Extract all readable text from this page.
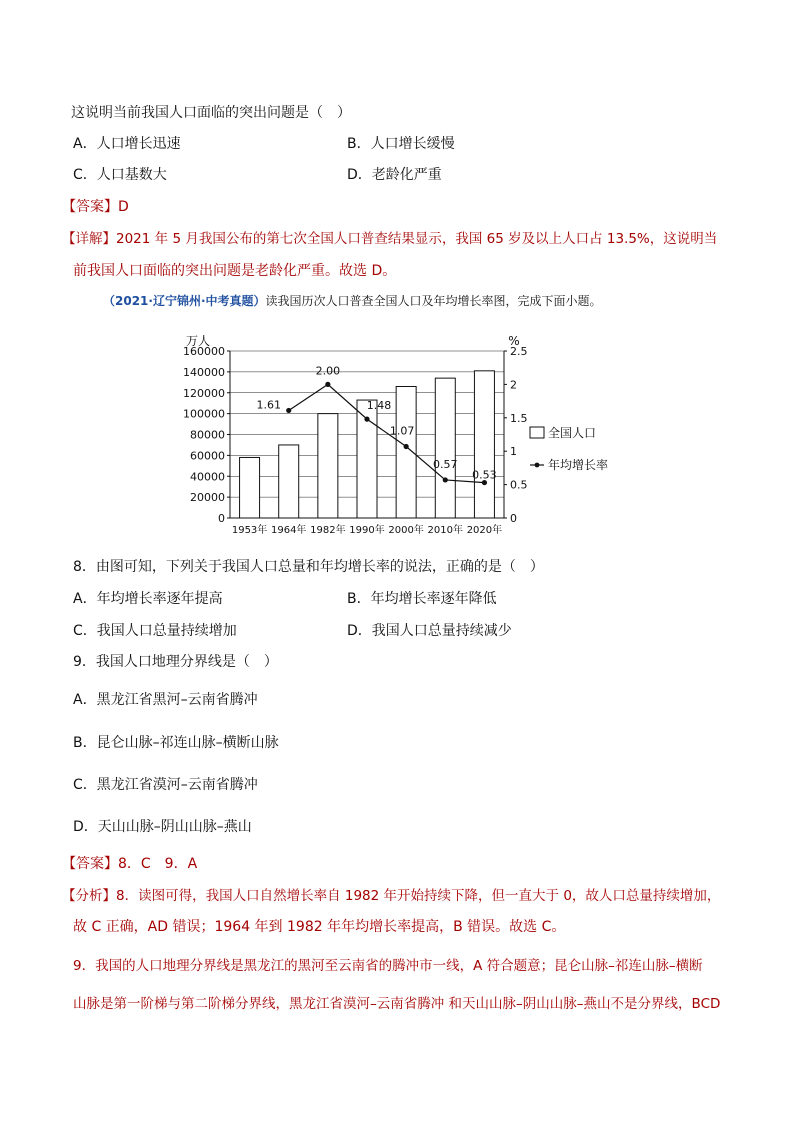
这说明当前我国人口面临的突出问题是（　）
A．人口增长迅速	B．人口增长缓慢
C．人口基数大	D．老龄化严重
【答案】D
【详解】2021 年 5 月我国公布的第七次全国人口普查结果显示，我国 65 岁及以上人口占 13.5%，这说明当
前我国人口面临的突出问题是老龄化严重。故选 D。
（2021·辽宁锦州·中考真题）读我国历次人口普查全国人口及年均增长率图，完成下面小题。
0
20000
40000
60000
80000
100000
120000
140000
160000
0
0.5
1
1.5
2
2.5
万人	%
1953年 1964年 1982年 1990年 2000年 2010年 2020年
1.61
2.00
1.48
1.07
0.57
0.53
全国人口
年均增长率
8．由图可知，下列关于我国人口总量和年均增长率的说法，正确的是（　）
A．年均增长率逐年提高	B．年均增长率逐年降低
C．我国人口总量持续增加	D．我国人口总量持续减少
9．我国人口地理分界线是（　）
A．黑龙江省黑河–云南省腾冲
B．昆仑山脉–祁连山脉–横断山脉
C．黑龙江省漠河–云南省腾冲
D．天山山脉–阴山山脉–燕山
【答案】8．C　9．A
【分析】8．读图可得，我国人口自然增长率自 1982 年开始持续下降，但一直大于 0，故人口总量持续增加，
故 C 正确，AD 错误；1964 年到 1982 年年均增长率提高，B 错误。故选 C。
9．我国的人口地理分界线是黑龙江的黑河至云南省的腾冲市一线，A 符合题意；昆仑山脉–祁连山脉–横断
山脉是第一阶梯与第二阶梯分界线，黑龙江省漠河–云南省腾冲 和天山山脉–阴山山脉–燕山不是分界线，BCD
